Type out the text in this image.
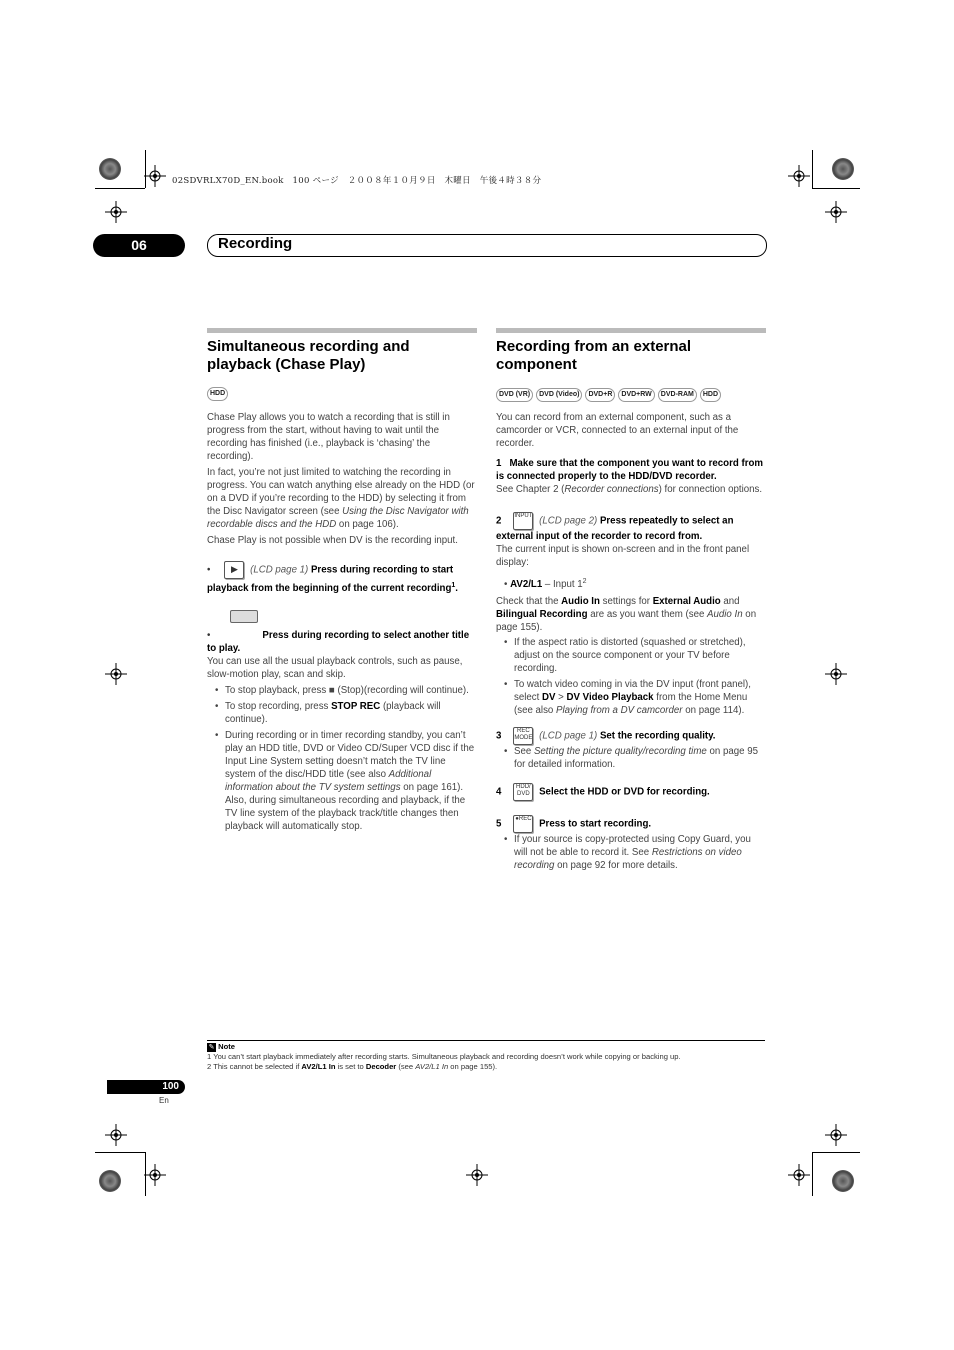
02SDVRLX70D_EN.book　100 ページ　２００８年１０月９日　木曜日　午後４時３８分
06	Recording
Simultaneous recording and playback (Chase Play)
HDD

Chase Play allows you to watch a recording that is still in progress from the start, without having to wait until the recording has finished (i.e., playback is ‘chasing’ the recording).

In fact, you’re not just limited to watching the recording in progress. You can watch anything else already on the HDD (or on a DVD if you’re recording to the HDD) by selecting it from the Disc Navigator screen (see Using the Disc Navigator with recordable discs and the HDD on page 106).

Chase Play is not possible when DV is the recording input.

• ▶ (LCD page 1) Press during recording to start playback from the beginning of the current recording$^1$.
•	Press during recording to select another title to play.

You can use all the usual playback controls, such as pause, slow-motion play, scan and skip.

• To stop playback, press ■ (Stop)(recording will continue).
• To stop recording, press STOP REC (playback will continue).
• During recording or in timer recording standby, you can’t play an HDD title, DVD or Video CD/Super VCD disc if the Input Line System setting doesn’t match the TV line system of the disc/HDD title (see also Additional information about the TV system settings on page 161). Also, during simultaneous recording and playback, if the TV line system of the playback track/title changes then playback will automatically stop.
Recording from an external component
DVD (VR) DVD (Video) DVD+R DVD+RW DVD-RAM HDD
You can record from an external component, such as a camcorder or VCR, connected to an external input of the recorder.
1 Make sure that the component you want to record from is connected properly to the HDD/DVD recorder.
See Chapter 2 (Recorder connections) for connection options.
2 INPUT (LCD page 2) Press repeatedly to select an external input of the recorder to record from.
The current input is shown on-screen and in the front panel display:
• AV2/L1 – Input $1^2$
Check that the Audio In settings for External Audio and Bilingual Recording are as you want them (see Audio In on page 155).
• If the aspect ratio is distorted (squashed or stretched), adjust on the source component or your TV before recording.
• To watch video coming in via the DV input (front panel), select DV > DV Video Playback from the Home Menu (see also Playing from a DV camcorder on page 114).
3	REC MODE (LCD page 1) Set the recording quality.
• See Setting the picture quality/recording time on page 95 for detailed information.
4 HDD/ DVD Select the HDD or DVD for recording.
5 ●REC Press to start recording.
• If your source is copy-protected using Copy Guard, you will not be able to record it. See Restrictions on video recording on page 92 for more details.
✎ Note
1 You can’t start playback immediately after recording starts. Simultaneous playback and recording doesn’t work while copying or backing up.
2 This cannot be selected if AV2/L1 In is set to Decoder (see AV2/L1 In on page 155).
100
En
